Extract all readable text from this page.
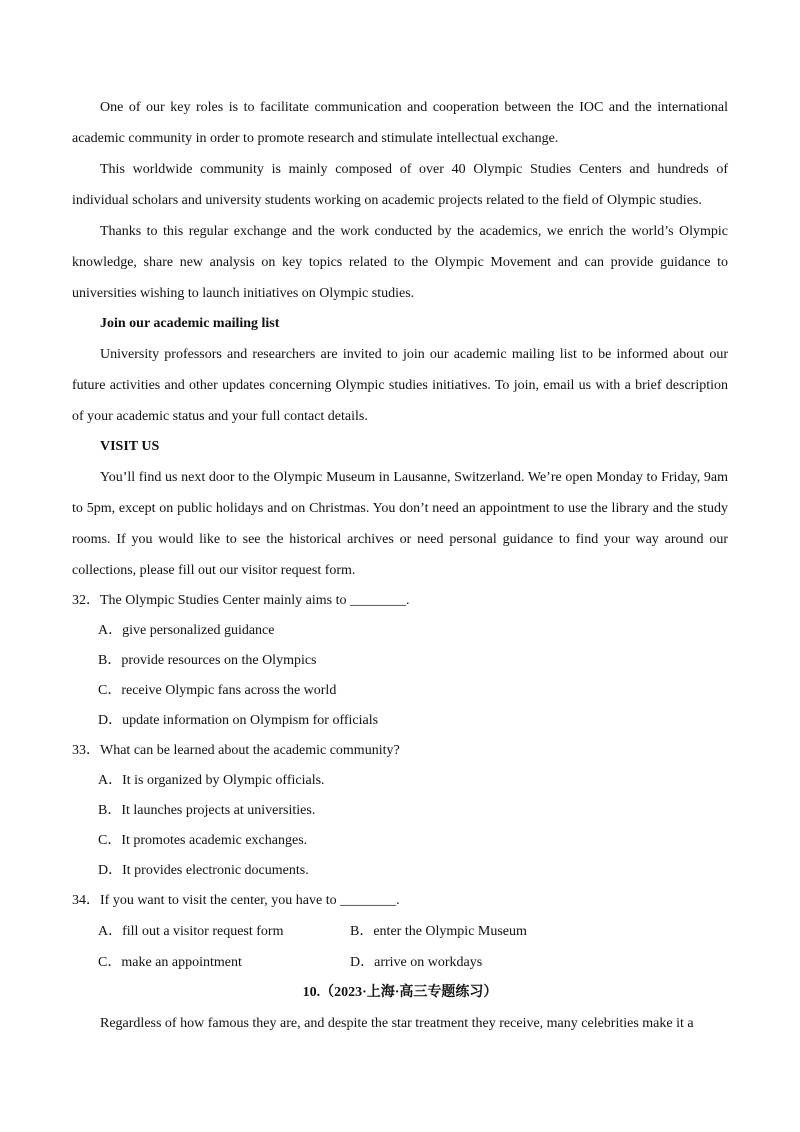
One of our key roles is to facilitate communication and cooperation between the IOC and the international academic community in order to promote research and stimulate intellectual exchange.

This worldwide community is mainly composed of over 40 Olympic Studies Centers and hundreds of individual scholars and university students working on academic projects related to the field of Olympic studies.

Thanks to this regular exchange and the work conducted by the academics, we enrich the world’s Olympic knowledge, share new analysis on key topics related to the Olympic Movement and can provide guidance to universities wishing to launch initiatives on Olympic studies.

Join our academic mailing list

University professors and researchers are invited to join our academic mailing list to be informed about our future activities and other updates concerning Olympic studies initiatives. To join, email us with a brief description of your academic status and your full contact details.

VISIT US

You’ll find us next door to the Olympic Museum in Lausanne, Switzerland. We’re open Monday to Friday, 9am to 5pm, except on public holidays and on Christmas. You don’t need an appointment to use the library and the study rooms. If you would like to see the historical archives or need personal guidance to find your way around our collections, please fill out our visitor request form.

32．The Olympic Studies Center mainly aims to ________.

A．give personalized guidance

B．provide resources on the Olympics

C．receive Olympic fans across the world

D．update information on Olympism for officials

33．What can be learned about the academic community?

A．It is organized by Olympic officials.

B．It launches projects at universities.

C．It promotes academic exchanges.

D．It provides electronic documents.

34．If you want to visit the center, you have to ________.

A．fill out a visitor request form	B．enter the Olympic Museum
C．make an appointment	D．arrive on workdays

10.（2023·上海·高三专题练习）

Regardless of how famous they are, and despite the star treatment they receive, many celebrities make it a
